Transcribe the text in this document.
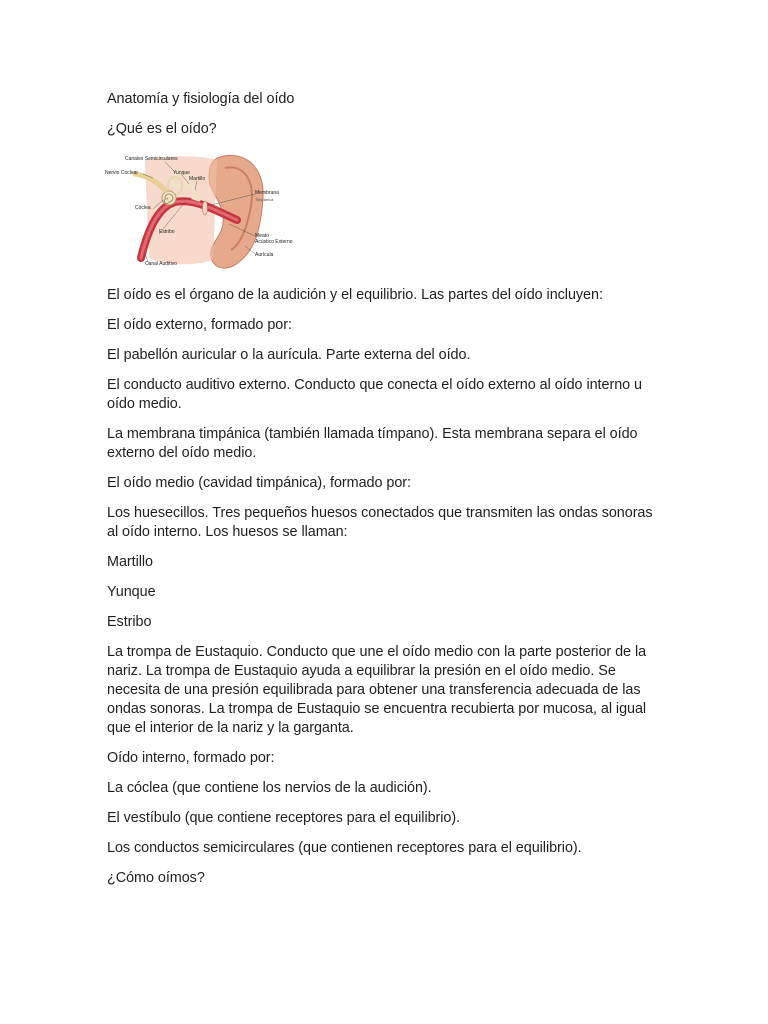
Anatomía y fisiología del oído

¿Qué es el oído?

Canales Semicirculares
Nervio Coclear	Yunque
Martillo
Cóclea
Membrana
Timpánica
Estribo
Meato
Acústico Externo
Canal Auditivo
Aurícula

El oído es el órgano de la audición y el equilibrio. Las partes del oído incluyen:

El oído externo, formado por:

El pabellón auricular o la aurícula. Parte externa del oído.

El conducto auditivo externo. Conducto que conecta el oído externo al oído interno u oído medio.

La membrana timpánica (también llamada tímpano). Esta membrana separa el oído externo del oído medio.

El oído medio (cavidad timpánica), formado por:

Los huesecillos. Tres pequeños huesos conectados que transmiten las ondas sonoras al oído interno. Los huesos se llaman:

Martillo

Yunque

Estribo

La trompa de Eustaquio. Conducto que une el oído medio con la parte posterior de la nariz. La trompa de Eustaquio ayuda a equilibrar la presión en el oído medio. Se necesita de una presión equilibrada para obtener una transferencia adecuada de las ondas sonoras. La trompa de Eustaquio se encuentra recubierta por mucosa, al igual que el interior de la nariz y la garganta.

Oído interno, formado por:

La cóclea (que contiene los nervios de la audición).

El vestíbulo (que contiene receptores para el equilibrio).

Los conductos semicirculares (que contienen receptores para el equilibrio).

¿Cómo oímos?
